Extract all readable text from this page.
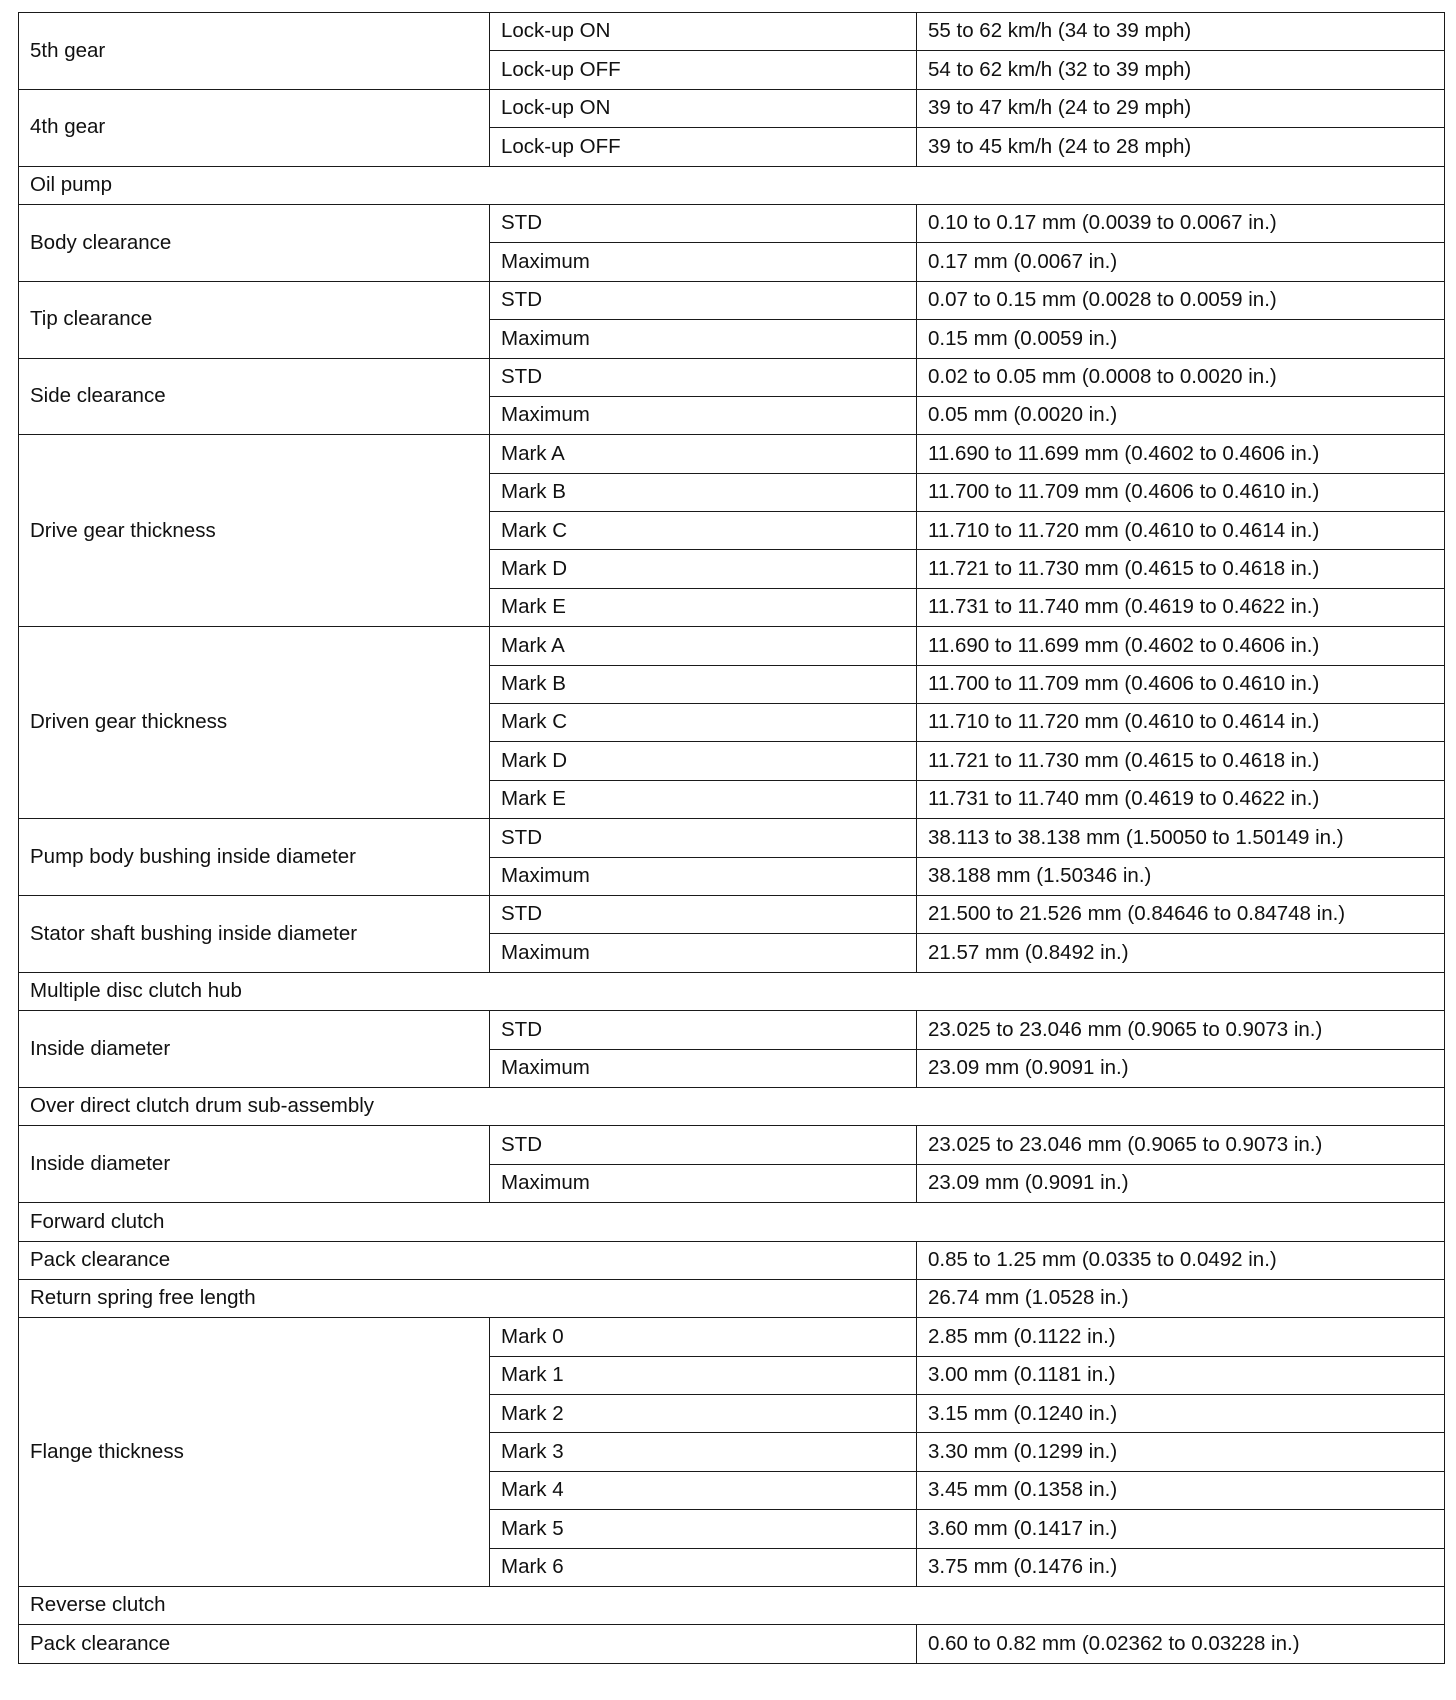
5th gear	Lock-up ON	55 to 62 km/h (34 to 39 mph)
	Lock-up OFF	54 to 62 km/h (32 to 39 mph)
4th gear	Lock-up ON	39 to 47 km/h (24 to 29 mph)
	Lock-up OFF	39 to 45 km/h (24 to 28 mph)
Oil pump		
Body clearance	STD	0.10 to 0.17 mm (0.0039 to 0.0067 in.)
	Maximum	0.17 mm (0.0067 in.)
Tip clearance	STD	0.07 to 0.15 mm (0.0028 to 0.0059 in.)
	Maximum	0.15 mm (0.0059 in.)
Side clearance	STD	0.02 to 0.05 mm (0.0008 to 0.0020 in.)
	Maximum	0.05 mm (0.0020 in.)
Drive gear thickness	Mark A	11.690 to 11.699 mm (0.4602 to 0.4606 in.)
	Mark B	11.700 to 11.709 mm (0.4606 to 0.4610 in.)
	Mark C	11.710 to 11.720 mm (0.4610 to 0.4614 in.)
	Mark D	11.721 to 11.730 mm (0.4615 to 0.4618 in.)
	Mark E	11.731 to 11.740 mm (0.4619 to 0.4622 in.)
Driven gear thickness	Mark A	11.690 to 11.699 mm (0.4602 to 0.4606 in.)
	Mark B	11.700 to 11.709 mm (0.4606 to 0.4610 in.)
	Mark C	11.710 to 11.720 mm (0.4610 to 0.4614 in.)
	Mark D	11.721 to 11.730 mm (0.4615 to 0.4618 in.)
	Mark E	11.731 to 11.740 mm (0.4619 to 0.4622 in.)
Pump body bushing inside diameter	STD	38.113 to 38.138 mm (1.50050 to 1.50149 in.)
	Maximum	38.188 mm (1.50346 in.)
Stator shaft bushing inside diameter	STD	21.500 to 21.526 mm (0.84646 to 0.84748 in.)
	Maximum	21.57 mm (0.8492 in.)
Multiple disc clutch hub		
Inside diameter	STD	23.025 to 23.046 mm (0.9065 to 0.9073 in.)
	Maximum	23.09 mm (0.9091 in.)
Over direct clutch drum sub-assembly		
Inside diameter	STD	23.025 to 23.046 mm (0.9065 to 0.9073 in.)
	Maximum	23.09 mm (0.9091 in.)
Forward clutch		
Pack clearance		0.85 to 1.25 mm (0.0335 to 0.0492 in.)
Return spring free length		26.74 mm (1.0528 in.)
Flange thickness	Mark 0	2.85 mm (0.1122 in.)
	Mark 1	3.00 mm (0.1181 in.)
	Mark 2	3.15 mm (0.1240 in.)
	Mark 3	3.30 mm (0.1299 in.)
	Mark 4	3.45 mm (0.1358 in.)
	Mark 5	3.60 mm (0.1417 in.)
	Mark 6	3.75 mm (0.1476 in.)
Reverse clutch		
Pack clearance		0.60 to 0.82 mm (0.02362 to 0.03228 in.)
